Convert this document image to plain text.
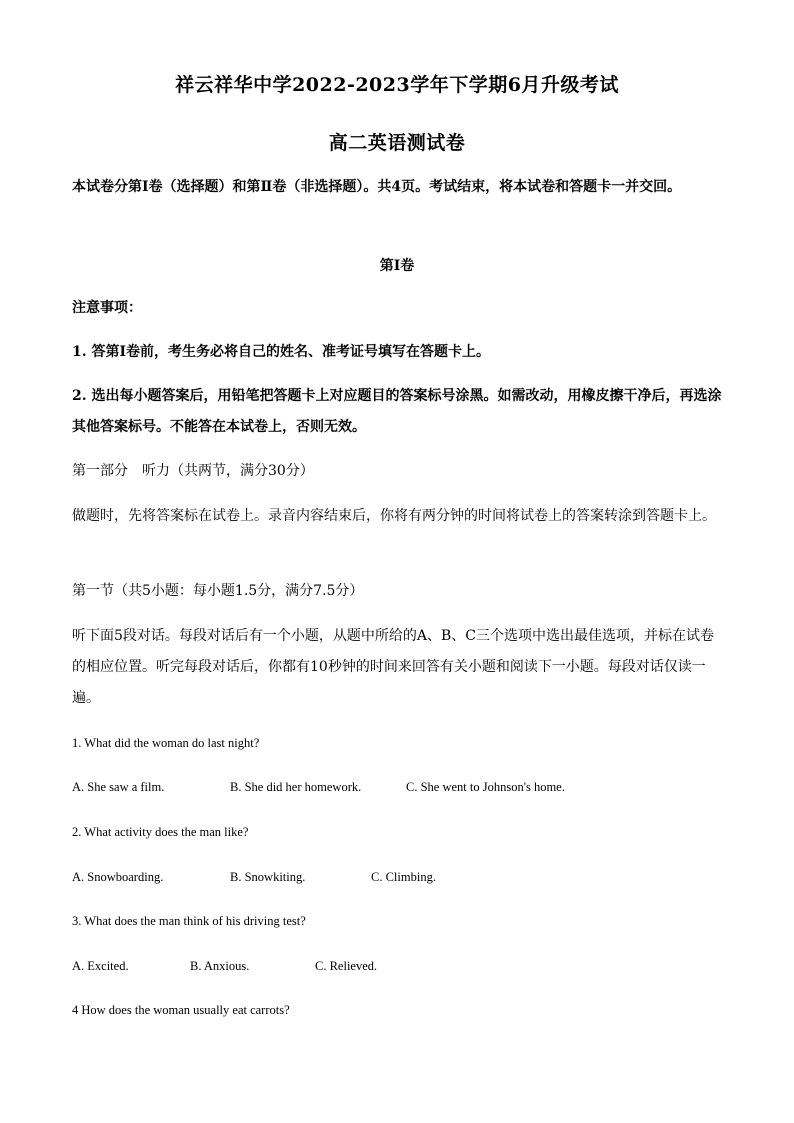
祥云祥华中学2022-2023学年下学期6月升级考试
高二英语测试卷
本试卷分第Ⅰ卷（选择题）和第Ⅱ卷（非选择题）。共4页。考试结束，将本试卷和答题卡一并交回。
第Ⅰ卷
注意事项：
1. 答第Ⅰ卷前，考生务必将自己的姓名、准考证号填写在答题卡上。
2. 选出每小题答案后，用铅笔把答题卡上对应题目的答案标号涂黑。如需改动，用橡皮擦干净后，再选涂其他答案标号。不能答在本试卷上，否则无效。
第一部分　听力（共两节，满分30分）
做题时，先将答案标在试卷上。录音内容结束后，你将有两分钟的时间将试卷上的答案转涂到答题卡上。
第一节（共5小题：每小题1.5分，满分7.5分）
听下面5段对话。每段对话后有一个小题，从题中所给的A、B、C三个选项中选出最佳选项，并标在试卷的相应位置。听完每段对话后，你都有10秒钟的时间来回答有关小题和阅读下一小题。每段对话仅读一遍。
1. What did the woman do last night?
A. She saw a film.	B. She did her homework.	C. She went to Johnson's home.
2. What activity does the man like?
A. Snowboarding.	B. Snowkiting.	C. Climbing.
3. What does the man think of his driving test?
A. Excited.	B. Anxious.	C. Relieved.
4 How does the woman usually eat carrots?
